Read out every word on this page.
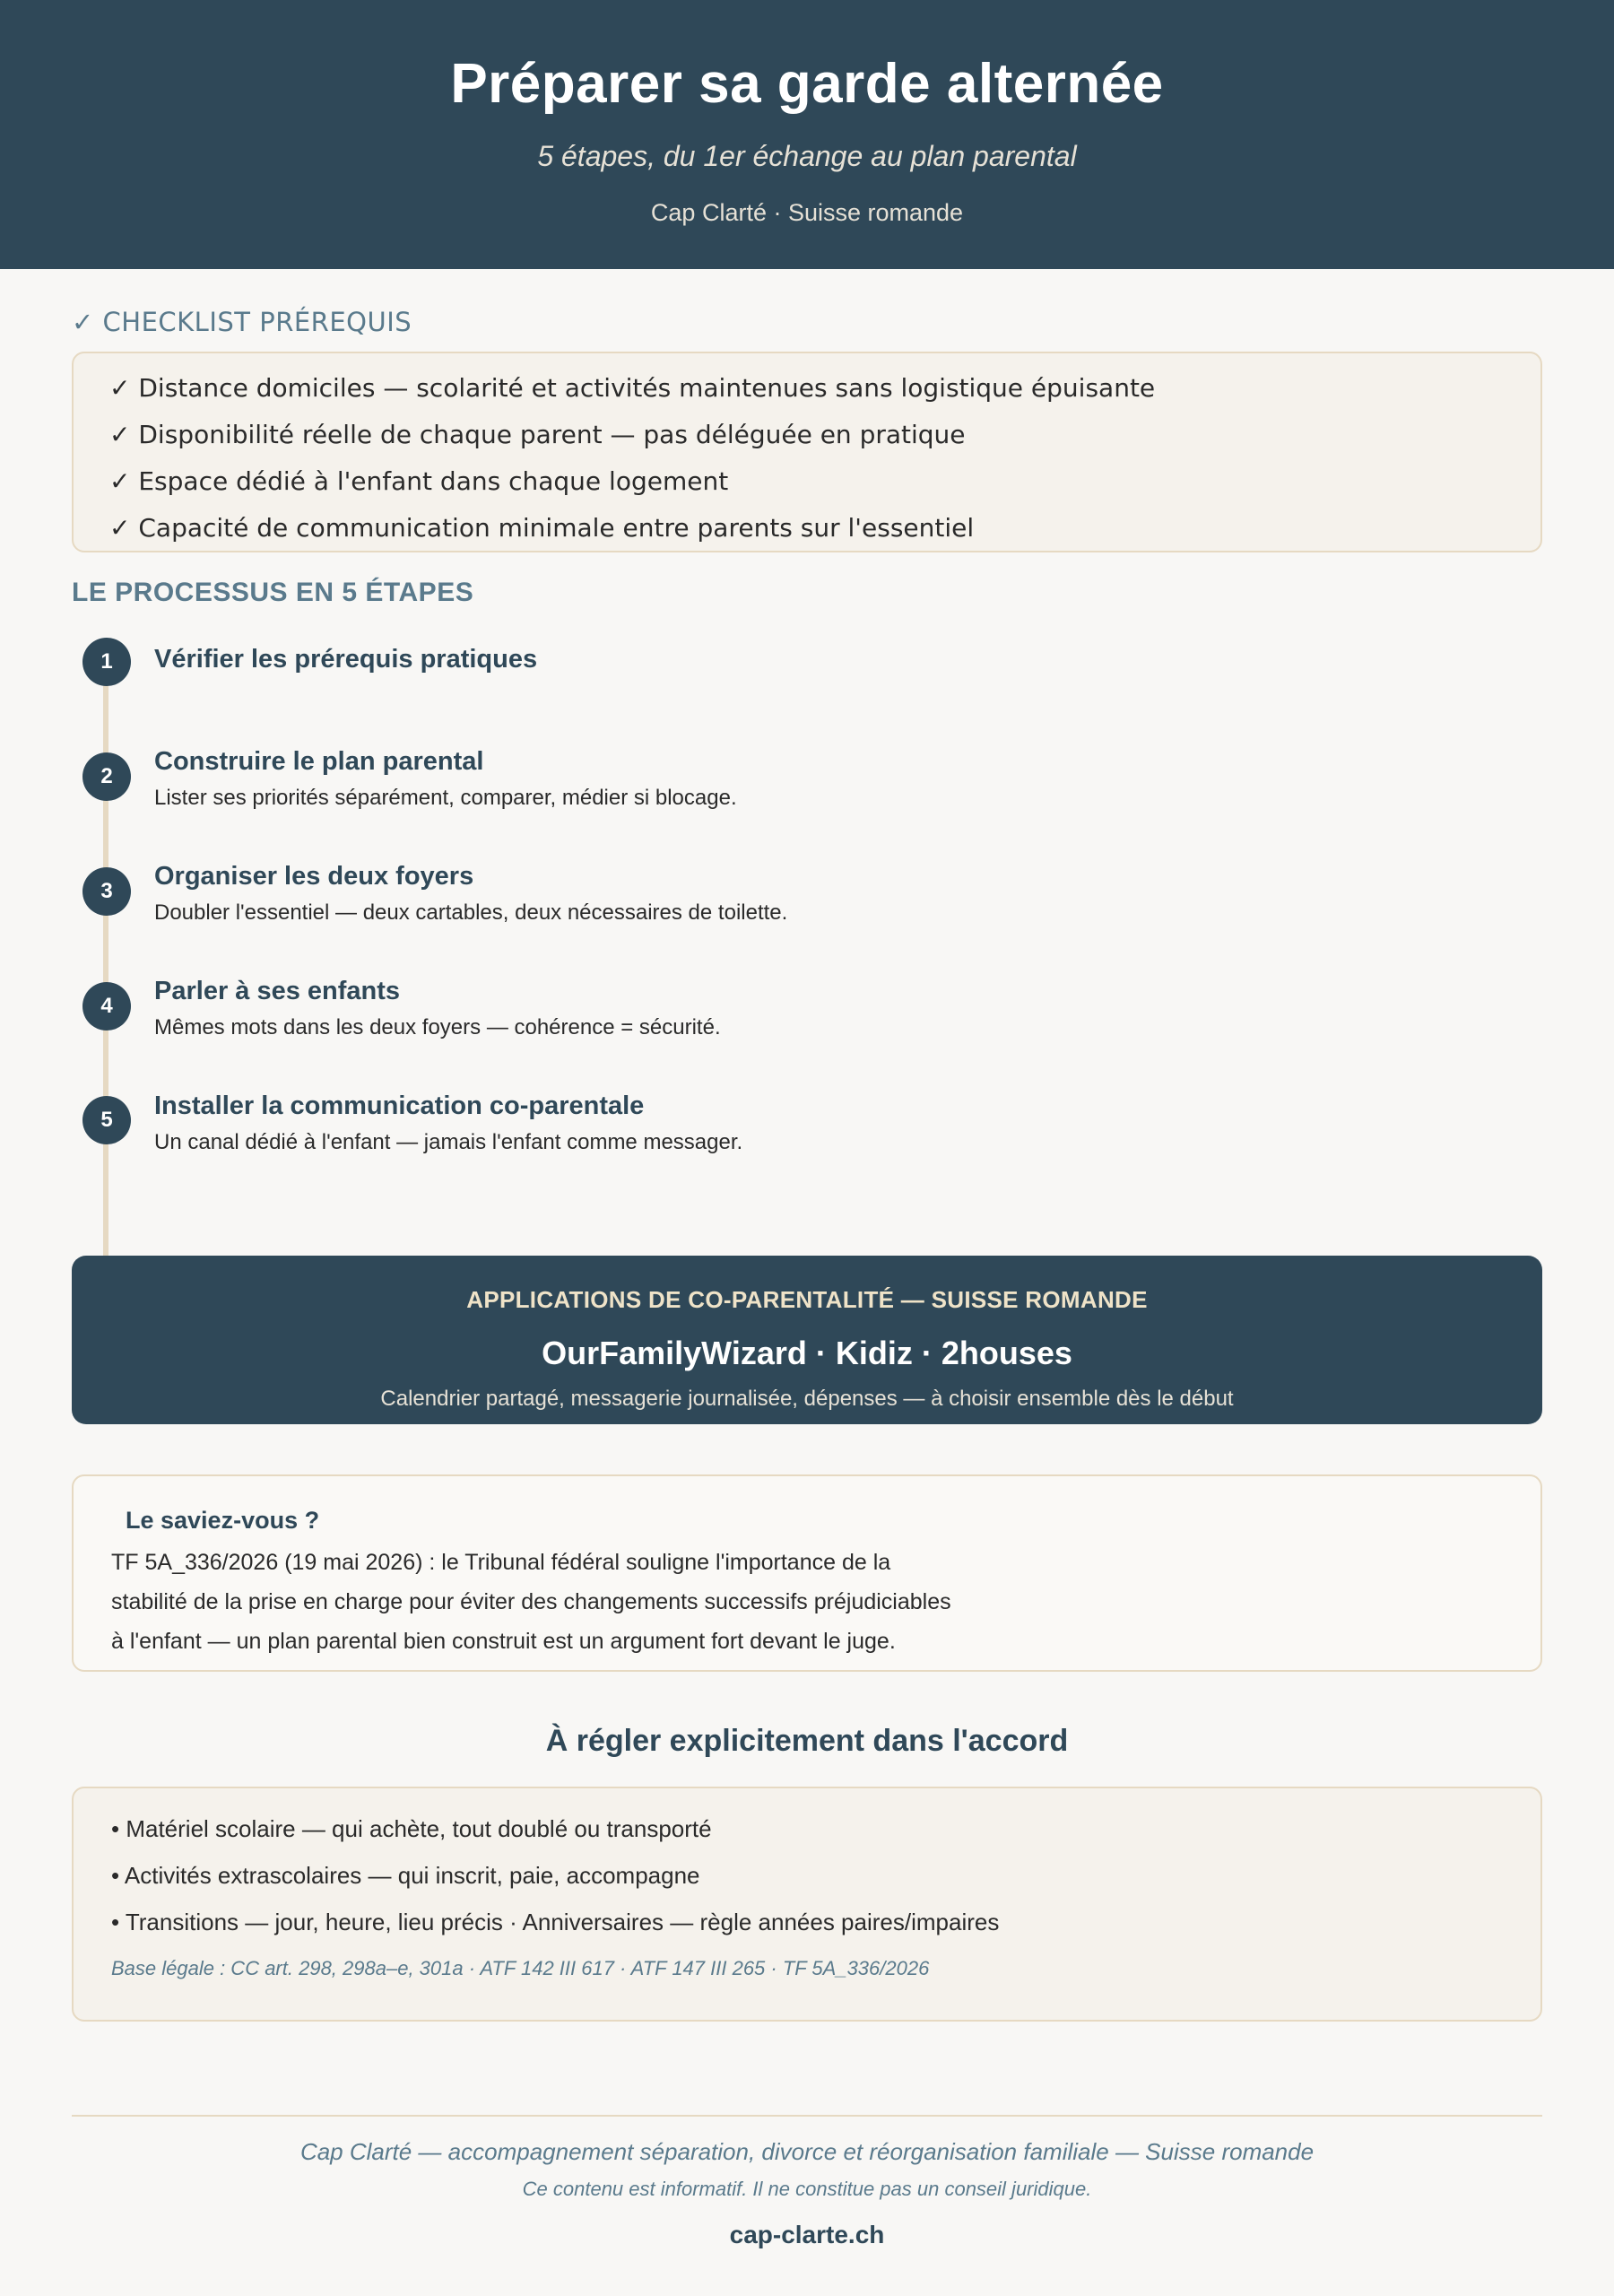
Préparer sa garde alternée
5 étapes, du 1er échange au plan parental
Cap Clarté · Suisse romande
✓ CHECKLIST PRÉREQUIS
✓ Distance domiciles — scolarité et activités maintenues sans logistique épuisante
✓ Disponibilité réelle de chaque parent — pas déléguée en pratique
✓ Espace dédié à l'enfant dans chaque logement
✓ Capacité de communication minimale entre parents sur l'essentiel
LE PROCESSUS EN 5 ÉTAPES
1	Vérifier les prérequis pratiques
2
Construire le plan parental
Lister ses priorités séparément, comparer, médier si blocage.
3
Organiser les deux foyers
Doubler l'essentiel — deux cartables, deux nécessaires de toilette.
4
Parler à ses enfants
Mêmes mots dans les deux foyers — cohérence = sécurité.
5	Installer la communication co-parentale
Un canal dédié à l'enfant — jamais l'enfant comme messager.
APPLICATIONS DE CO-PARENTALITÉ — SUISSE ROMANDE
OurFamilyWizard · Kidiz · 2houses
Calendrier partagé, messagerie journalisée, dépenses — à choisir ensemble dès le début
Le saviez-vous ?
TF 5A_336/2026 (19 mai 2026) : le Tribunal fédéral souligne l'importance de la
stabilité de la prise en charge pour éviter des changements successifs préjudiciables
à l'enfant — un plan parental bien construit est un argument fort devant le juge.
À régler explicitement dans l'accord
• Matériel scolaire — qui achète, tout doublé ou transporté
• Activités extrascolaires — qui inscrit, paie, accompagne
• Transitions — jour, heure, lieu précis · Anniversaires — règle années paires/impaires
Base légale : CC art. 298, 298a–e, 301a · ATF 142 III 617 · ATF 147 III 265 · TF 5A_336/2026
Cap Clarté — accompagnement séparation, divorce et réorganisation familiale — Suisse romande
Ce contenu est informatif. Il ne constitue pas un conseil juridique.
cap-clarte.ch
